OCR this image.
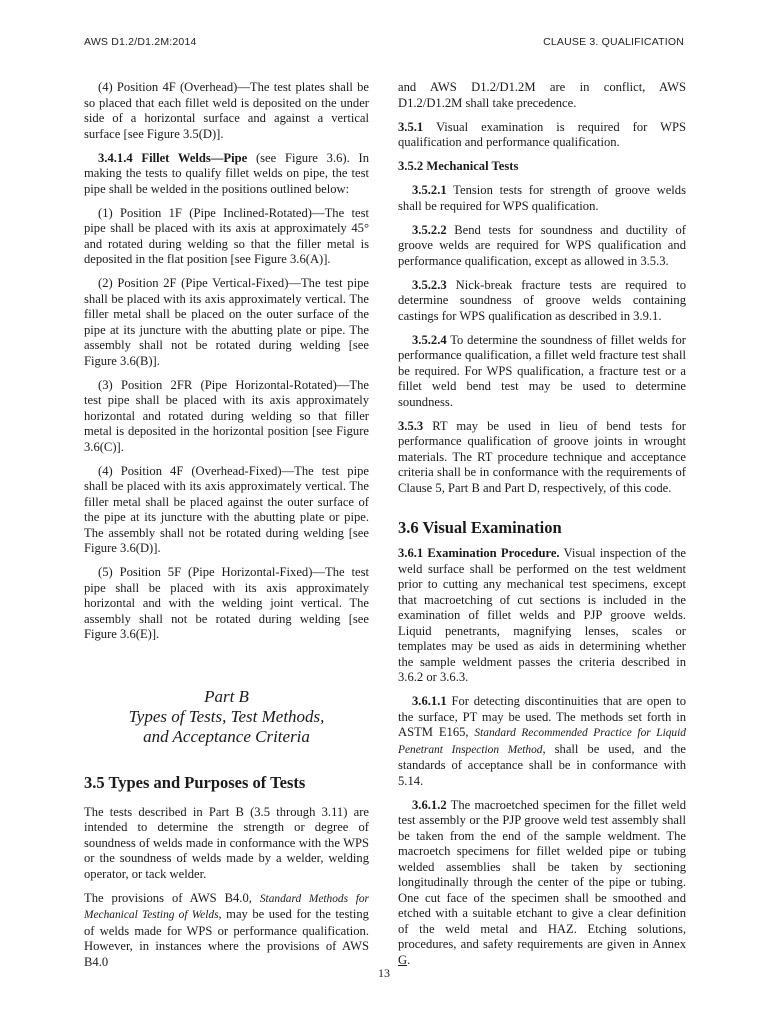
AWS D1.2/D1.2M:2014	CLAUSE 3. QUALIFICATION

(4) Position 4F (Overhead)—The test plates shall be so placed that each fillet weld is deposited on the under side of a horizontal surface and against a vertical surface [see Figure 3.5(D)].

3.4.1.4 Fillet Welds—Pipe (see Figure 3.6). In making the tests to qualify fillet welds on pipe, the test pipe shall be welded in the positions outlined below:

(1) Position 1F (Pipe Inclined-Rotated)—The test pipe shall be placed with its axis at approximately 45° and rotated during welding so that the filler metal is deposited in the flat position [see Figure 3.6(A)].

(2) Position 2F (Pipe Vertical-Fixed)—The test pipe shall be placed with its axis approximately vertical. The filler metal shall be placed on the outer surface of the pipe at its juncture with the abutting plate or pipe. The assembly shall not be rotated during welding [see Figure 3.6(B)].

(3) Position 2FR (Pipe Horizontal-Rotated)—The test pipe shall be placed with its axis approximately horizontal and rotated during welding so that filler metal is deposited in the horizontal position [see Figure 3.6(C)].

(4) Position 4F (Overhead-Fixed)—The test pipe shall be placed with its axis approximately vertical. The filler metal shall be placed against the outer surface of the pipe at its juncture with the abutting plate or pipe. The assembly shall not be rotated during welding [see Figure 3.6(D)].

(5) Position 5F (Pipe Horizontal-Fixed)—The test pipe shall be placed with its axis approximately horizontal and with the welding joint vertical. The assembly shall not be rotated during welding [see Figure 3.6(E)].

Part B
Types of Tests, Test Methods,
and Acceptance Criteria
3.5 Types and Purposes of Tests

The tests described in Part B (3.5 through 3.11) are intended to determine the strength or degree of soundness of welds made in conformance with the WPS or the soundness of welds made by a welder, welding operator, or tack welder.

The provisions of AWS B4.0, Standard Methods for Mechanical Testing of Welds, may be used for the testing of welds made for WPS or performance qualification. However, in instances where the provisions of AWS B4.0

and AWS D1.2/D1.2M are in conflict, AWS D1.2/D1.2M shall take precedence.

3.5.1 Visual examination is required for WPS qualification and performance qualification.

3.5.2 Mechanical Tests

3.5.2.1 Tension tests for strength of groove welds shall be required for WPS qualification.

3.5.2.2 Bend tests for soundness and ductility of groove welds are required for WPS qualification and performance qualification, except as allowed in 3.5.3.

3.5.2.3 Nick-break fracture tests are required to determine soundness of groove welds containing castings for WPS qualification as described in 3.9.1.

3.5.2.4 To determine the soundness of fillet welds for performance qualification, a fillet weld fracture test shall be required. For WPS qualification, a fracture test or a fillet weld bend test may be used to determine soundness.

3.5.3 RT may be used in lieu of bend tests for performance qualification of groove joints in wrought materials. The RT procedure technique and acceptance criteria shall be in conformance with the requirements of Clause 5, Part B and Part D, respectively, of this code.

3.6 Visual Examination

3.6.1 Examination Procedure. Visual inspection of the weld surface shall be performed on the test weldment prior to cutting any mechanical test specimens, except that macroetching of cut sections is included in the examination of fillet welds and PJP groove welds. Liquid penetrants, magnifying lenses, scales or templates may be used as aids in determining whether the sample weldment passes the criteria described in 3.6.2 or 3.6.3.

3.6.1.1 For detecting discontinuities that are open to the surface, PT may be used. The methods set forth in ASTM E165, Standard Recommended Practice for Liquid Penetrant Inspection Method, shall be used, and the standards of acceptance shall be in conformance with 5.14.

3.6.1.2 The macroetched specimen for the fillet weld test assembly or the PJP groove weld test assembly shall be taken from the end of the sample weldment. The macroetch specimens for fillet welded pipe or tubing welded assemblies shall be taken by sectioning longitudinally through the center of the pipe or tubing. One cut face of the specimen shall be smoothed and etched with a suitable etchant to give a clear definition of the weld metal and HAZ. Etching solutions, procedures, and safety requirements are given in Annex G.

13
